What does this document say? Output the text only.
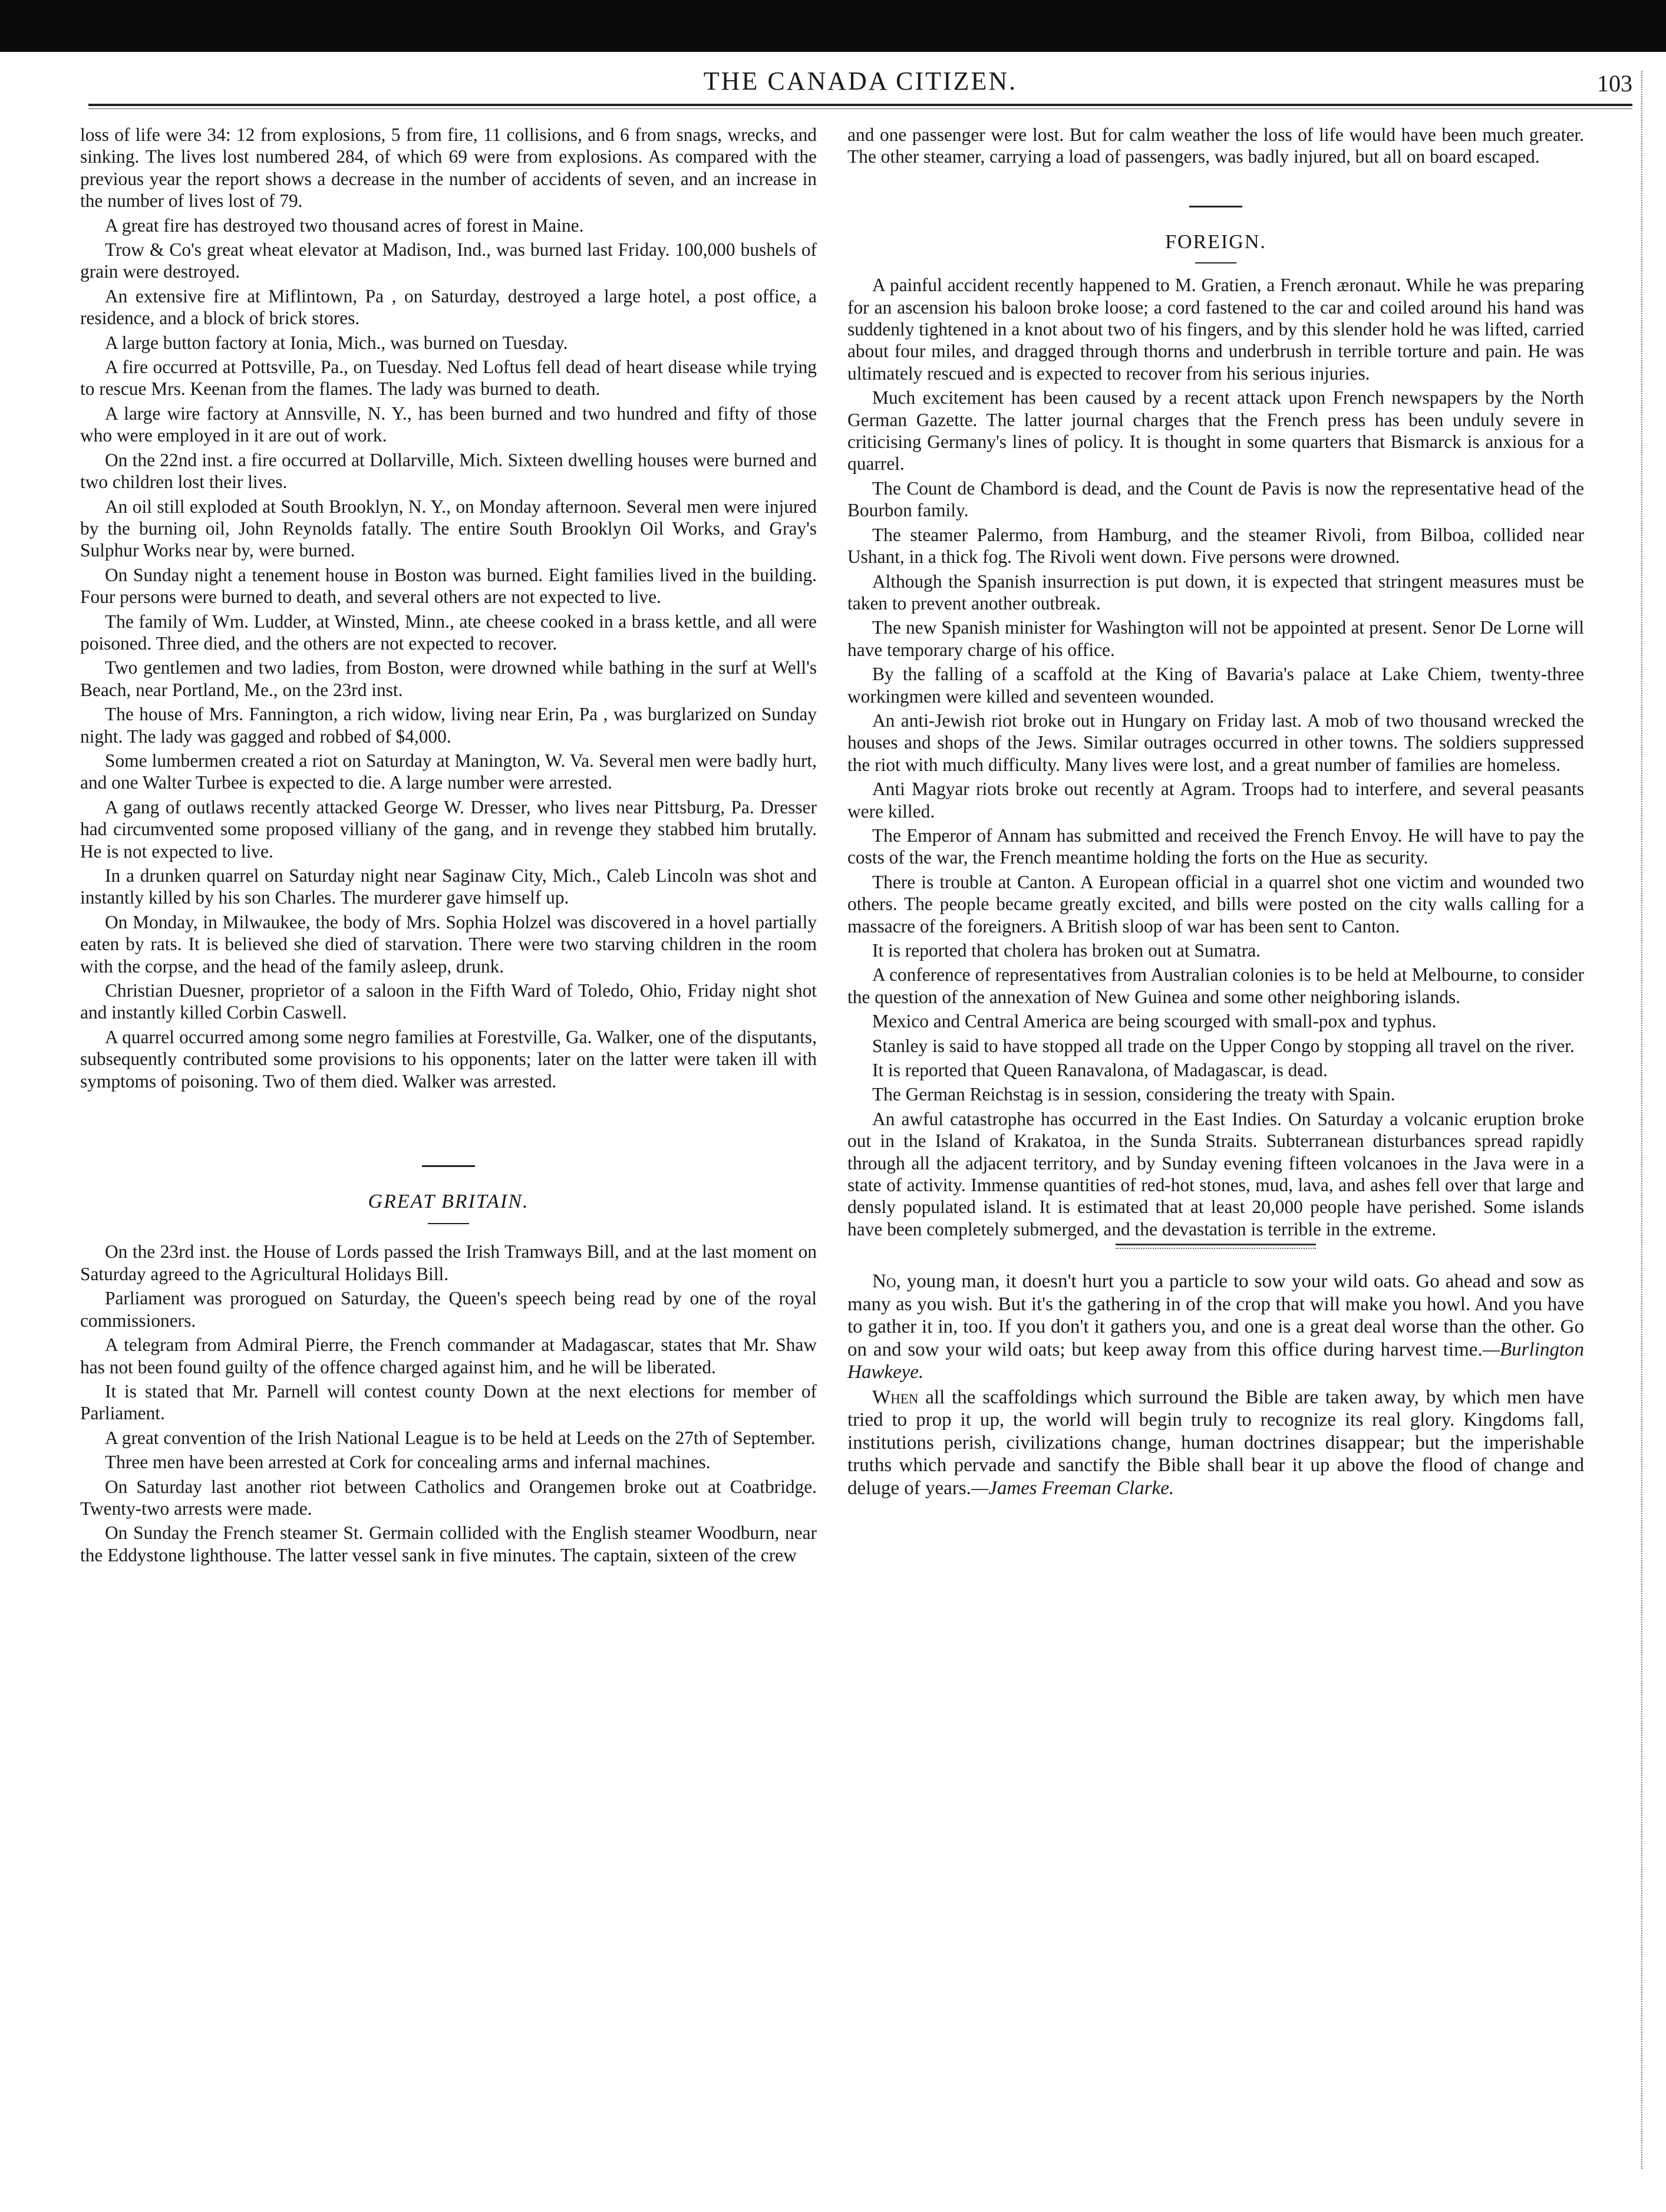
THE CANADA CITIZEN.	103

loss of life were 34: 12 from explosions, 5 from fire, 11 collisions, and 6 from snags, wrecks, and sinking. The lives lost numbered 284, of which 69 were from explosions. As compared with the previous year the report shows a decrease in the number of accidents of seven, and an increase in the number of lives lost of 79.

A great fire has destroyed two thousand acres of forest in Maine.

Trow & Co's great wheat elevator at Madison, Ind., was burned last Friday. 100,000 bushels of grain were destroyed.

An extensive fire at Miflintown, Pa , on Saturday, destroyed a large hotel, a post office, a residence, and a block of brick stores.

A large button factory at Ionia, Mich., was burned on Tuesday.

A fire occurred at Pottsville, Pa., on Tuesday. Ned Loftus fell dead of heart disease while trying to rescue Mrs. Keenan from the flames. The lady was burned to death.

A large wire factory at Annsville, N. Y., has been burned and two hundred and fifty of those who were employed in it are out of work.

On the 22nd inst. a fire occurred at Dollarville, Mich. Sixteen dwelling houses were burned and two children lost their lives.

An oil still exploded at South Brooklyn, N. Y., on Monday afternoon. Several men were injured by the burning oil, John Reynolds fatally. The entire South Brooklyn Oil Works, and Gray's Sulphur Works near by, were burned.

On Sunday night a tenement house in Boston was burned. Eight families lived in the building. Four persons were burned to death, and several others are not expected to live.

The family of Wm. Ludder, at Winsted, Minn., ate cheese cooked in a brass kettle, and all were poisoned. Three died, and the others are not expected to recover.

Two gentlemen and two ladies, from Boston, were drowned while bathing in the surf at Well's Beach, near Portland, Me., on the 23rd inst.

The house of Mrs. Fannington, a rich widow, living near Erin, Pa , was burglarized on Sunday night. The lady was gagged and robbed of $4,000.

Some lumbermen created a riot on Saturday at Manington, W. Va. Several men were badly hurt, and one Walter Turbee is expected to die. A large number were arrested.

A gang of outlaws recently attacked George W. Dresser, who lives near Pittsburg, Pa. Dresser had circumvented some proposed villiany of the gang, and in revenge they stabbed him brutally. He is not expected to live.

In a drunken quarrel on Saturday night near Saginaw City, Mich., Caleb Lincoln was shot and instantly killed by his son Charles. The murderer gave himself up.

On Monday, in Milwaukee, the body of Mrs. Sophia Holzel was discovered in a hovel partially eaten by rats. It is believed she died of starvation. There were two starving children in the room with the corpse, and the head of the family asleep, drunk.

Christian Duesner, proprietor of a saloon in the Fifth Ward of Toledo, Ohio, Friday night shot and instantly killed Corbin Caswell.

A quarrel occurred among some negro families at Forestville, Ga. Walker, one of the disputants, subsequently contributed some provisions to his opponents; later on the latter were taken ill with symptoms of poisoning. Two of them died. Walker was arrested.

GREAT BRITAIN.

On the 23rd inst. the House of Lords passed the Irish Tramways Bill, and at the last moment on Saturday agreed to the Agricultural Holidays Bill.

Parliament was prorogued on Saturday, the Queen's speech being read by one of the royal commissioners.

A telegram from Admiral Pierre, the French commander at Madagascar, states that Mr. Shaw has not been found guilty of the offence charged against him, and he will be liberated.

It is stated that Mr. Parnell will contest county Down at the next elections for member of Parliament.

A great convention of the Irish National League is to be held at Leeds on the 27th of September.

Three men have been arrested at Cork for concealing arms and infernal machines.

On Saturday last another riot between Catholics and Orangemen broke out at Coatbridge. Twenty-two arrests were made.

On Sunday the French steamer St. Germain collided with the English steamer Woodburn, near the Eddystone lighthouse. The latter vessel sank in five minutes. The captain, sixteen of the crew

and one passenger were lost. But for calm weather the loss of life would have been much greater. The other steamer, carrying a load of passengers, was badly injured, but all on board escaped.

FOREIGN.

A painful accident recently happened to M. Gratien, a French æronaut. While he was preparing for an ascension his baloon broke loose; a cord fastened to the car and coiled around his hand was suddenly tightened in a knot about two of his fingers, and by this slender hold he was lifted, carried about four miles, and dragged through thorns and underbrush in terrible torture and pain. He was ultimately rescued and is expected to recover from his serious injuries.

Much excitement has been caused by a recent attack upon French newspapers by the North German Gazette. The latter journal charges that the French press has been unduly severe in criticising Germany's lines of policy. It is thought in some quarters that Bismarck is anxious for a quarrel.

The Count de Chambord is dead, and the Count de Pavis is now the representative head of the Bourbon family.

The steamer Palermo, from Hamburg, and the steamer Rivoli, from Bilboa, collided near Ushant, in a thick fog. The Rivoli went down. Five persons were drowned.

Although the Spanish insurrection is put down, it is expected that stringent measures must be taken to prevent another outbreak.

The new Spanish minister for Washington will not be appointed at present. Senor De Lorne will have temporary charge of his office.

By the falling of a scaffold at the King of Bavaria's palace at Lake Chiem, twenty-three workingmen were killed and seventeen wounded.

An anti-Jewish riot broke out in Hungary on Friday last. A mob of two thousand wrecked the houses and shops of the Jews. Similar outrages occurred in other towns. The soldiers suppressed the riot with much difficulty. Many lives were lost, and a great number of families are homeless.

Anti Magyar riots broke out recently at Agram. Troops had to interfere, and several peasants were killed.

The Emperor of Annam has submitted and received the French Envoy. He will have to pay the costs of the war, the French meantime holding the forts on the Hue as security.

There is trouble at Canton. A European official in a quarrel shot one victim and wounded two others. The people became greatly excited, and bills were posted on the city walls calling for a massacre of the foreigners. A British sloop of war has been sent to Canton.

It is reported that cholera has broken out at Sumatra.

A conference of representatives from Australian colonies is to be held at Melbourne, to consider the question of the annexation of New Guinea and some other neighboring islands.

Mexico and Central America are being scourged with small-pox and typhus.

Stanley is said to have stopped all trade on the Upper Congo by stopping all travel on the river.

It is reported that Queen Ranavalona, of Madagascar, is dead.

The German Reichstag is in session, considering the treaty with Spain.

An awful catastrophe has occurred in the East Indies. On Saturday a volcanic eruption broke out in the Island of Krakatoa, in the Sunda Straits. Subterranean disturbances spread rapidly through all the adjacent territory, and by Sunday evening fifteen volcanoes in the Java were in a state of activity. Immense quantities of red-hot stones, mud, lava, and ashes fell over that large and densly populated island. It is estimated that at least 20,000 people have perished. Some islands have been completely submerged, and the devastation is terrible in the extreme.

No, young man, it doesn't hurt you a particle to sow your wild oats. Go ahead and sow as many as you wish. But it's the gathering in of the crop that will make you howl. And you have to gather it in, too. If you don't it gathers you, and one is a great deal worse than the other. Go on and sow your wild oats; but keep away from this office during harvest time.—Burlington Hawkeye.

When all the scaffoldings which surround the Bible are taken away, by which men have tried to prop it up, the world will begin truly to recognize its real glory. Kingdoms fall, institutions perish, civilizations change, human doctrines disappear; but the imperishable truths which pervade and sanctify the Bible shall bear it up above the flood of change and deluge of years.—James Freeman Clarke.
